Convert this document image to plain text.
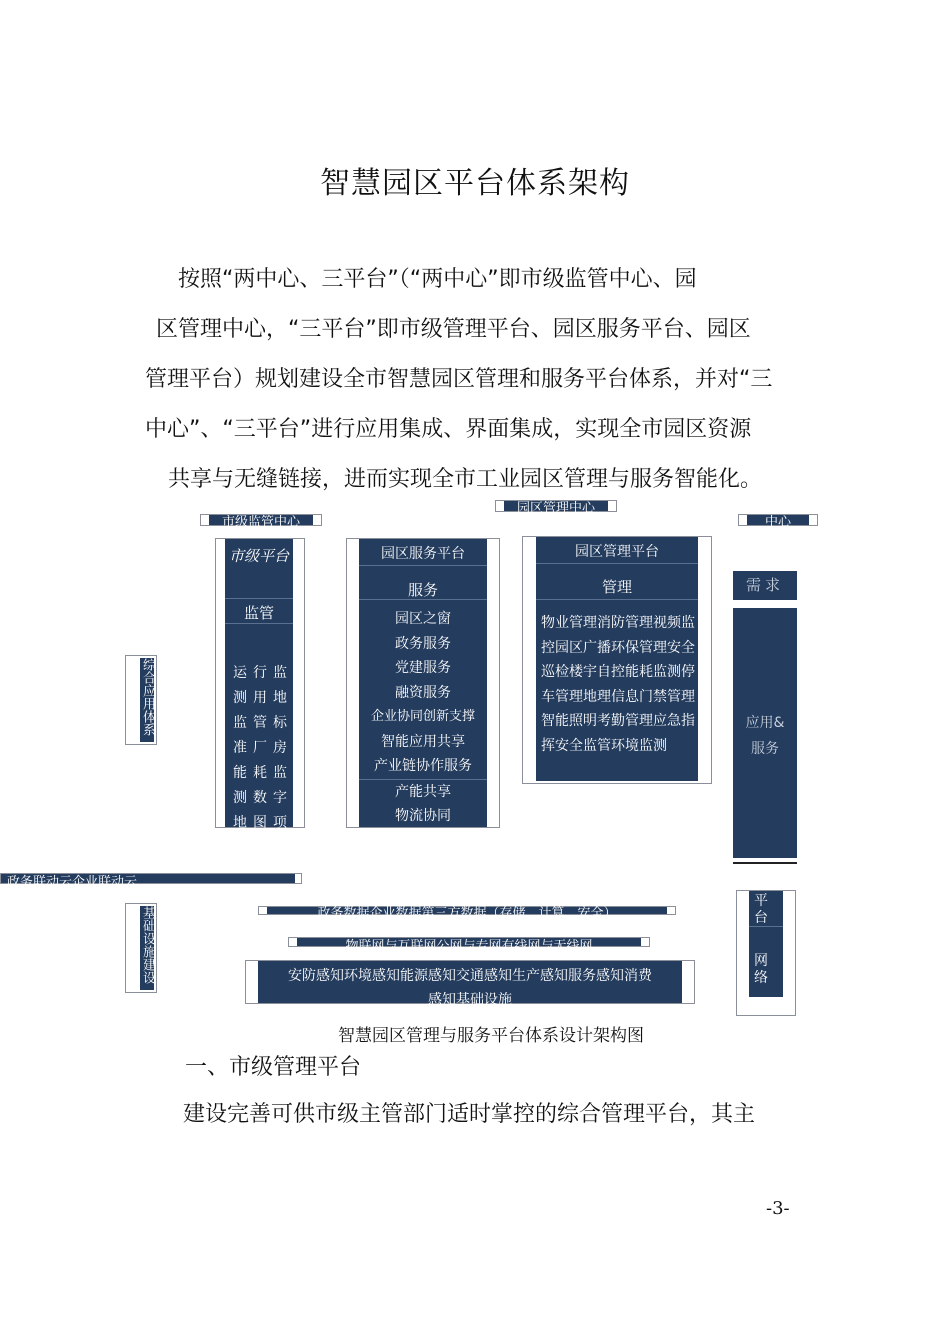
智慧园区平台体系架构
按照“两中心、三平台”（“两中心”即市级监管中心、园
区管理中心，“三平台”即市级管理平台、园区服务平台、园区
管理平台）规划建设全市智慧园区管理和服务平台体系，并对“三
中心”、“三平台”进行应用集成、界面集成，实现全市园区资源
共享与无缝链接，进而实现全市工业园区管理与服务智能化。
市级监管中心
园区管理中心
中心
综合应用体系
市级平台
监管
运行监测用地监管标准厂房能耗监测数字地图项目管理
园区服务平台
服务
园区之窗
政务服务
党建服务
融资服务
企业协同创新支撑
智能应用共享
产业链协作服务
产能共享
物流协同
园区管理平台
管理
物业管理消防管理视频监控园区广播环保管理安全巡检楼宇自控能耗监测停车管理地理信息门禁管理智能照明考勤管理应急指挥安全监管环境监测
需求
应用&服务
政务联动云企业联动云
基础设施建设	政务数据企业数据第三方数据（存储、计算、安全）
物联网与互联网公网与专网有线网与无线网
安防感知环境感知能源感知交通感知生产感知服务感知消费感知基础设施
平台
网络
智慧园区管理与服务平台体系设计架构图
一、市级管理平台
建设完善可供市级主管部门适时掌控的综合管理平台，其主
-3-
